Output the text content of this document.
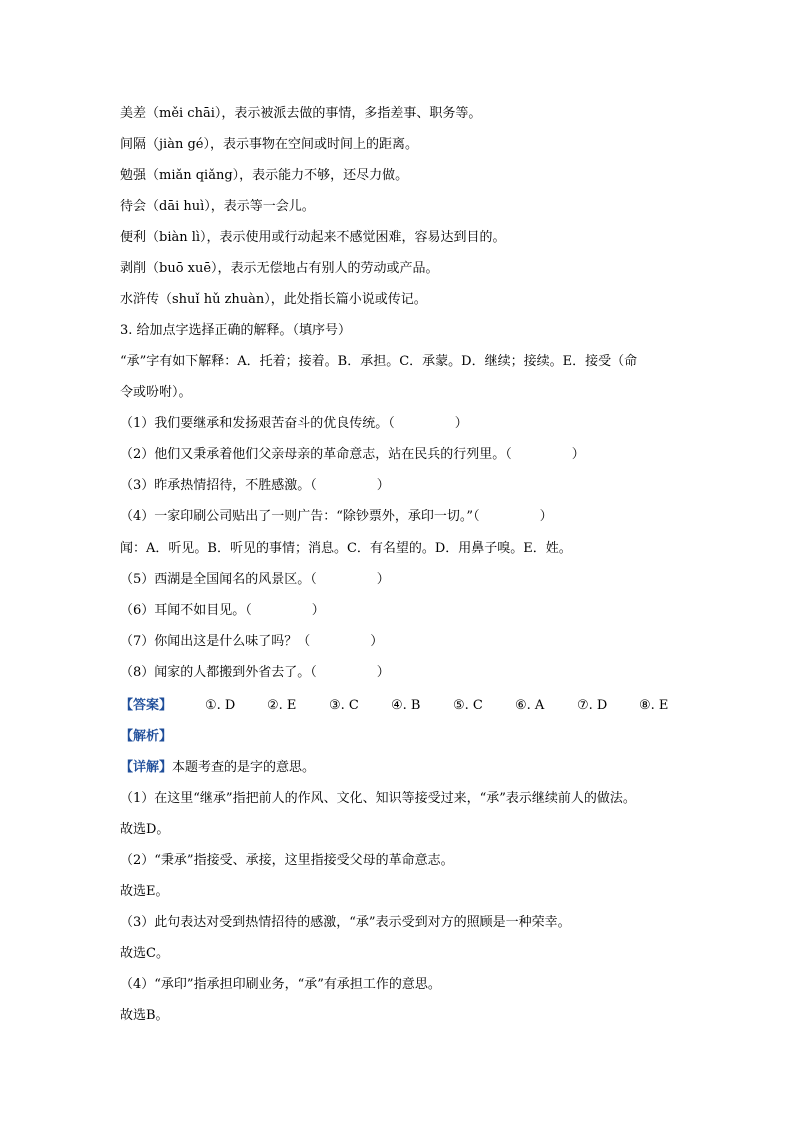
美差（měi chāi），表示被派去做的事情，多指差事、职务等。
间隔（jiàn gé），表示事物在空间或时间上的距离。
勉强（miǎn qiǎng），表示能力不够，还尽力做。
待会（dāi huì），表示等一会儿。
便利（biàn lì），表示使用或行动起来不感觉困难，容易达到目的。
剥削（buō xuē），表示无偿地占有别人的劳动或产品。
水浒传（shuǐ hǔ zhuàn），此处指长篇小说或传记。
3. 给加点字选择正确的解释。（填序号）
“承”字有如下解释：A．托着；接着。B．承担。C．承蒙。D．继续；接续。E．接受（命
令或吩咐）。
（1）我们要继承和发扬艰苦奋斗的优良传统。（	）
（2）他们又秉承着他们父亲母亲的革命意志，站在民兵的行列里。（	）
（3）昨承热情招待，不胜感激。（	）
（4）一家印刷公司贴出了一则广告：“除钞票外，承印一切。”（	）
闻：A．听见。B．听见的事情；消息。C．有名望的。D．用鼻子嗅。E．姓。
（5）西湖是全国闻名的风景区。（	）
（6）耳闻不如目见。（	）
（7）你闻出这是什么味了吗？（	）
（8）闻家的人都搬到外省去了。（	）
【答案】	①. D ②. E	③. C ④. B	⑤. C ⑥. A	⑦. D ⑧. E
【解析】
【详解】本题考查的是字的意思。
（1）在这里“继承”指把前人的作风、文化、知识等接受过来，“承”表示继续前人的做法。
故选D。
（2）“秉承”指接受、承接，这里指接受父母的革命意志。
故选E。
（3）此句表达对受到热情招待的感激，“承”表示受到对方的照顾是一种荣幸。
故选C。
（4）“承印”指承担印刷业务，“承”有承担工作的意思。
故选B。
